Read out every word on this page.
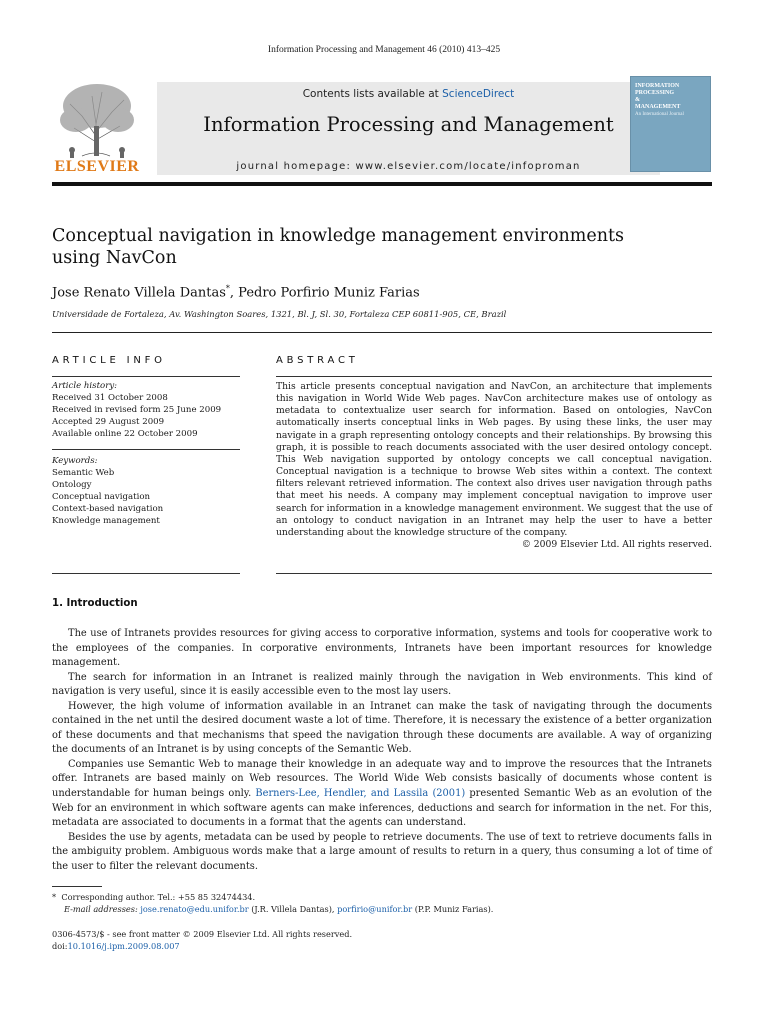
Information Processing and Management 46 (2010) 413–425
ELSEVIER
Contents lists available at ScienceDirect
Information Processing and Management
journal homepage: www.elsevier.com/locate/infoproman
INFORMATION
PROCESSING
&
MANAGEMENT
An International Journal
Conceptual navigation in knowledge management environments
using NavCon
Jose Renato Villela Dantas*, Pedro Porfirio Muniz Farias
Universidade de Fortaleza, Av. Washington Soares, 1321, Bl. J, Sl. 30, Fortaleza CEP 60811-905, CE, Brazil
ARTICLE INFO	ABSTRACT
Article history:
Received 31 October 2008
Received in revised form 25 June 2009
Accepted 29 August 2009
Available online 22 October 2009
Keywords:
Semantic Web
Ontology
Conceptual navigation
Context-based navigation
Knowledge management
This article presents conceptual navigation and NavCon, an architecture that implements this navigation in World Wide Web pages. NavCon architecture makes use of ontology as metadata to contextualize user search for information. Based on ontologies, NavCon automatically inserts conceptual links in Web pages. By using these links, the user may navigate in a graph representing ontology concepts and their relationships. By browsing this graph, it is possible to reach documents associated with the user desired ontology concept. This Web navigation supported by ontology concepts we call conceptual navigation. Conceptual navigation is a technique to browse Web sites within a context. The context filters relevant retrieved information. The context also drives user navigation through paths that meet his needs. A company may implement conceptual navigation to improve user search for information in a knowledge management environment. We suggest that the use of an ontology to conduct navigation in an Intranet may help the user to have a better understanding about the knowledge structure of the company.
© 2009 Elsevier Ltd. All rights reserved.
1. Introduction

The use of Intranets provides resources for giving access to corporative information, systems and tools for cooperative work to the employees of the companies. In corporative environments, Intranets have been important resources for knowledge management.

The search for information in an Intranet is realized mainly through the navigation in Web environments. This kind of navigation is very useful, since it is easily accessible even to the most lay users.

However, the high volume of information available in an Intranet can make the task of navigating through the documents contained in the net until the desired document waste a lot of time. Therefore, it is necessary the existence of a better organization of these documents and that mechanisms that speed the navigation through these documents are available. A way of organizing the documents of an Intranet is by using concepts of the Semantic Web.

Companies use Semantic Web to manage their knowledge in an adequate way and to improve the resources that the Intranets offer. Intranets are based mainly on Web resources. The World Wide Web consists basically of documents whose content is understandable for human beings only. Berners-Lee, Hendler, and Lassila (2001) presented Semantic Web as an evolution of the Web for an environment in which software agents can make inferences, deductions and search for information in the net. For this, metadata are associated to documents in a format that the agents can understand.

Besides the use by agents, metadata can be used by people to retrieve documents. The use of text to retrieve documents falls in the ambiguity problem. Ambiguous words make that a large amount of results to return in a query, thus consuming a lot of time of the user to filter the relevant documents.

* Corresponding author. Tel.: +55 85 32474434.
E-mail addresses: jose.renato@edu.unifor.br (J.R. Villela Dantas), porfirio@unifor.br (P.P. Muniz Farias).
0306-4573/$ - see front matter © 2009 Elsevier Ltd. All rights reserved.
doi:10.1016/j.ipm.2009.08.007
